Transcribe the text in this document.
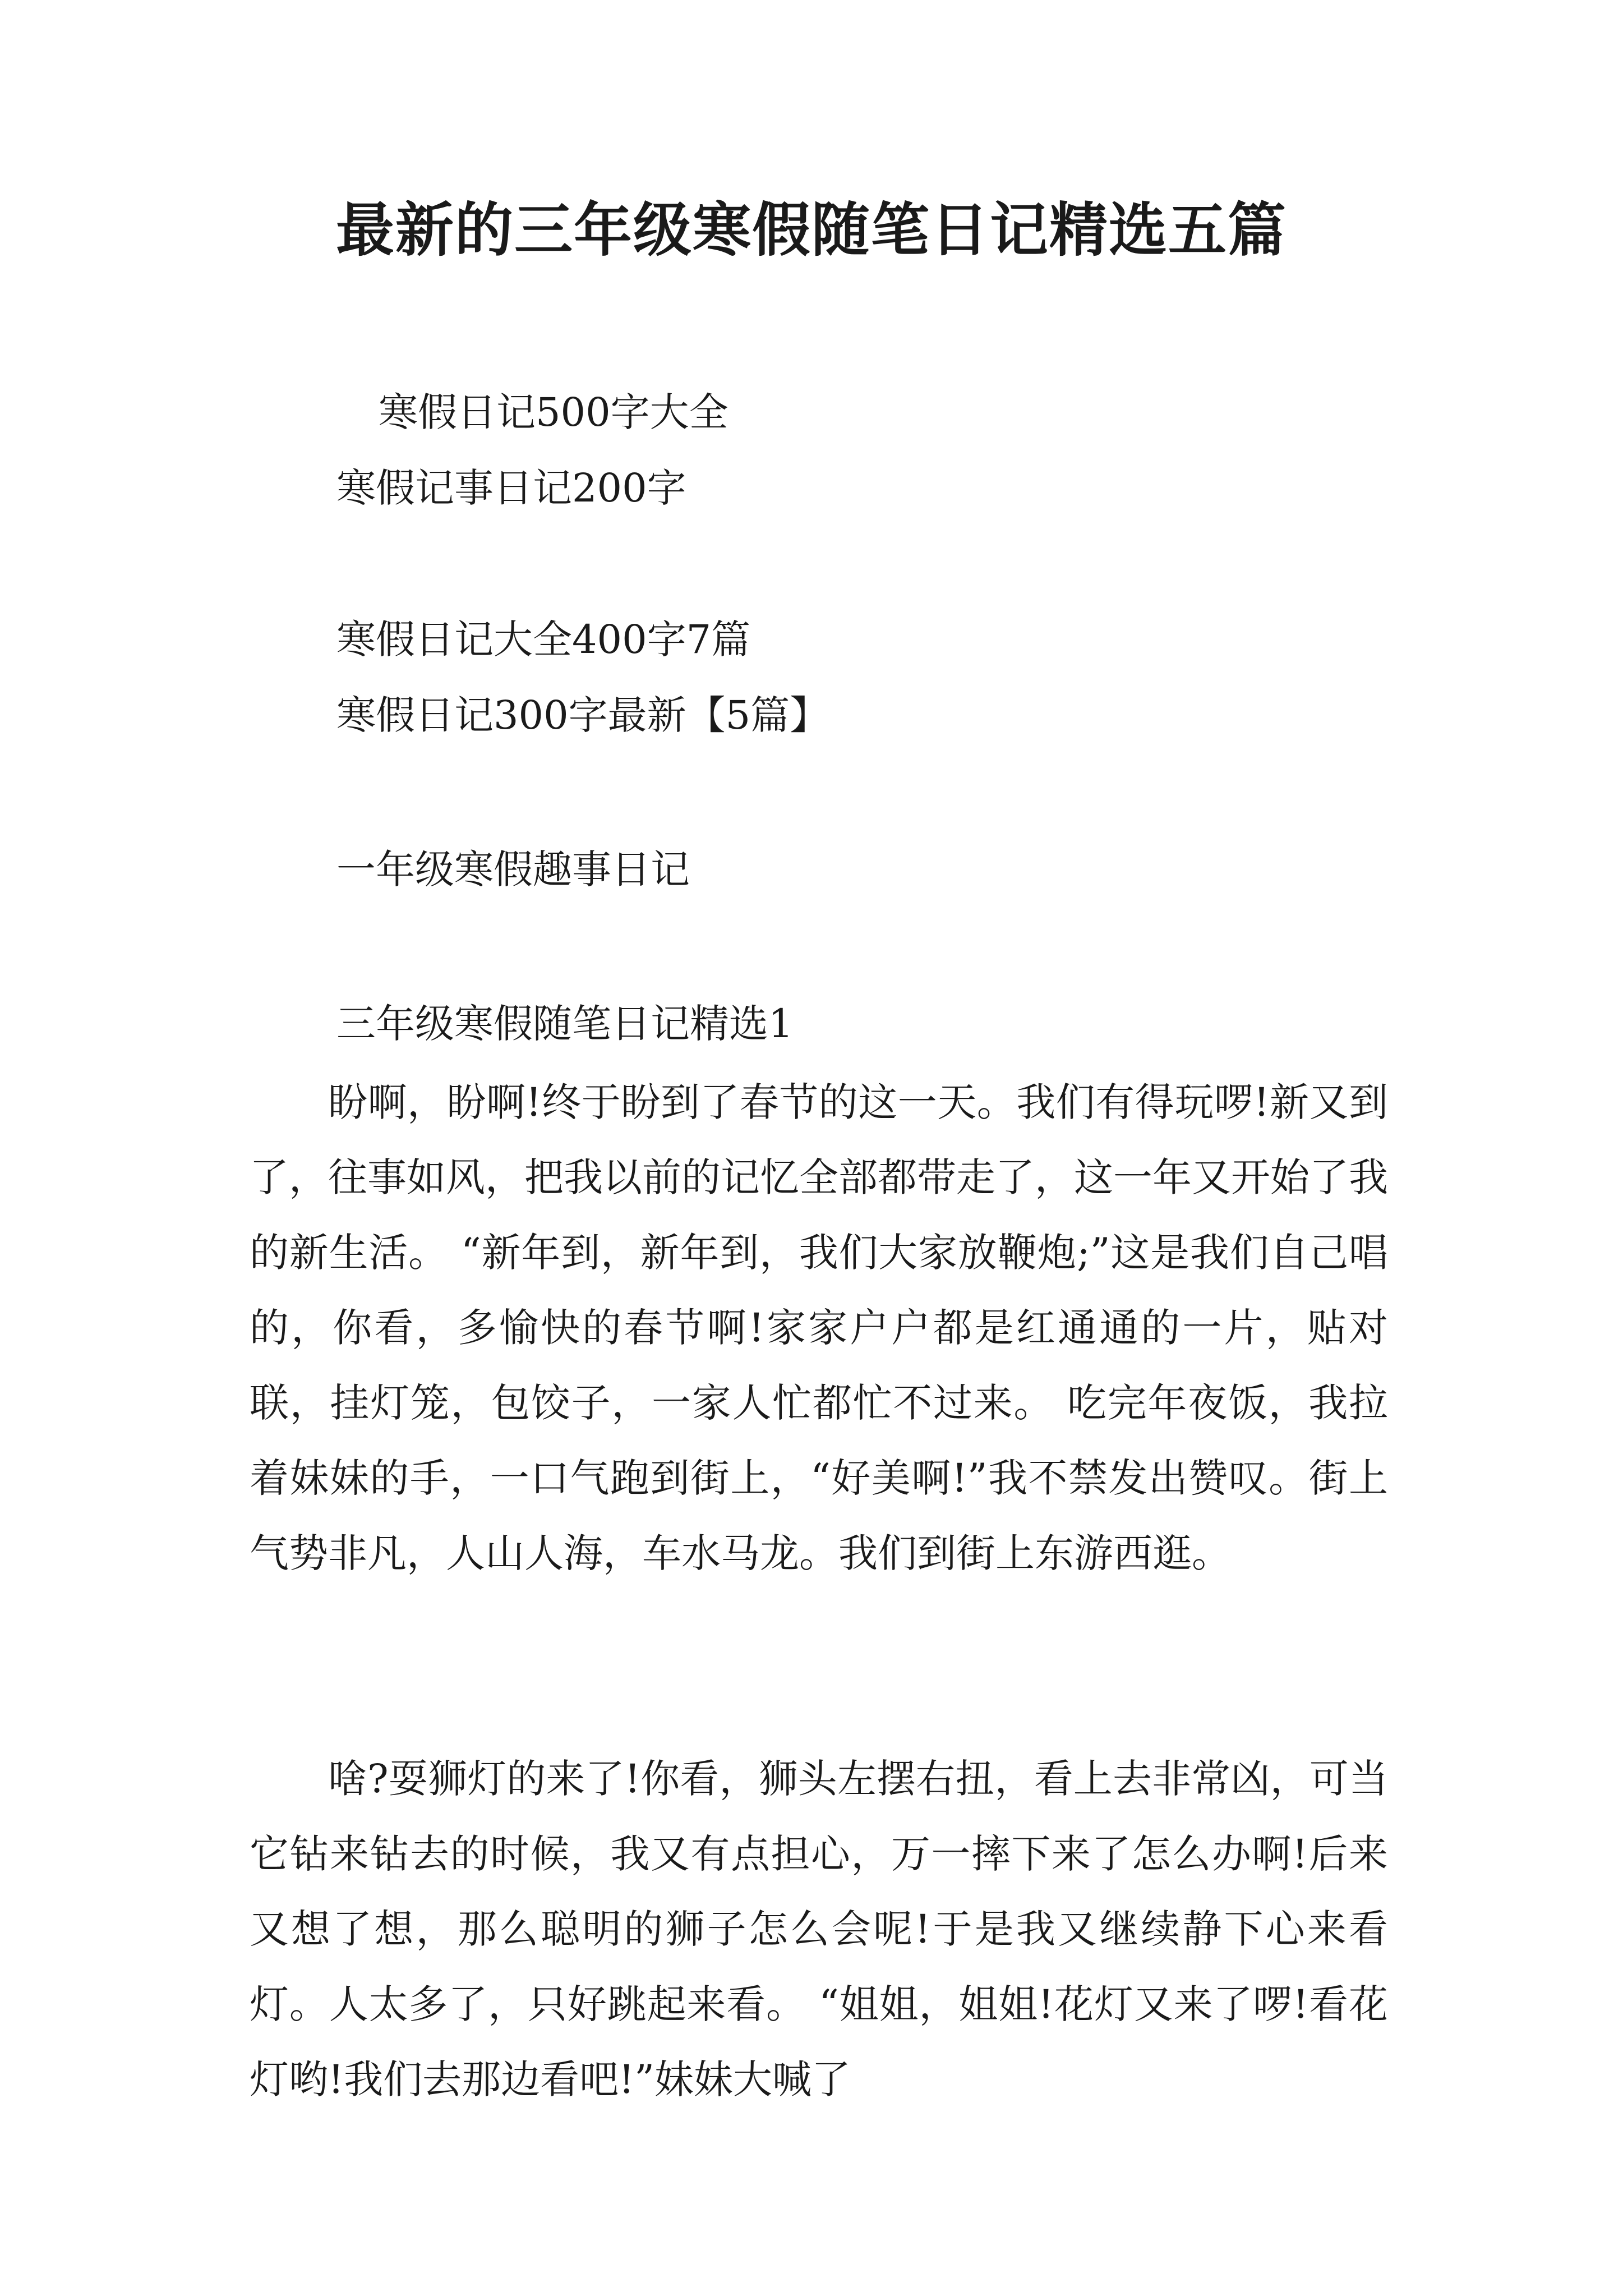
最新的三年级寒假随笔日记精选五篇

寒假日记500字大全

寒假记事日记200字

寒假日记大全400字7篇

寒假日记300字最新【5篇】

一年级寒假趣事日记

三年级寒假随笔日记精选1

盼啊，盼啊!终于盼到了春节的这一天。我们有得玩啰!新又到了，往事如风，把我以前的记忆全部都带走了，这一年又开始了我的新生活。 “新年到，新年到，我们大家放鞭炮;”这是我们自己唱的，你看，多愉快的春节啊!家家户户都是红通通的一片，贴对联，挂灯笼，包饺子，一家人忙都忙不过来。 吃完年夜饭，我拉着妹妹的手，一口气跑到街上，“好美啊!”我不禁发出赞叹。街上气势非凡，人山人海，车水马龙。我们到街上东游西逛。

啥?耍狮灯的来了!你看，狮头左摆右扭，看上去非常凶，可当它钻来钻去的时候，我又有点担心，万一摔下来了怎么办啊!后来又想了想，那么聪明的狮子怎么会呢!于是我又继续静下心来看灯。人太多了，只好跳起来看。 “姐姐，姐姐!花灯又来了啰!看花灯哟!我们去那边看吧!”妹妹大喊了
